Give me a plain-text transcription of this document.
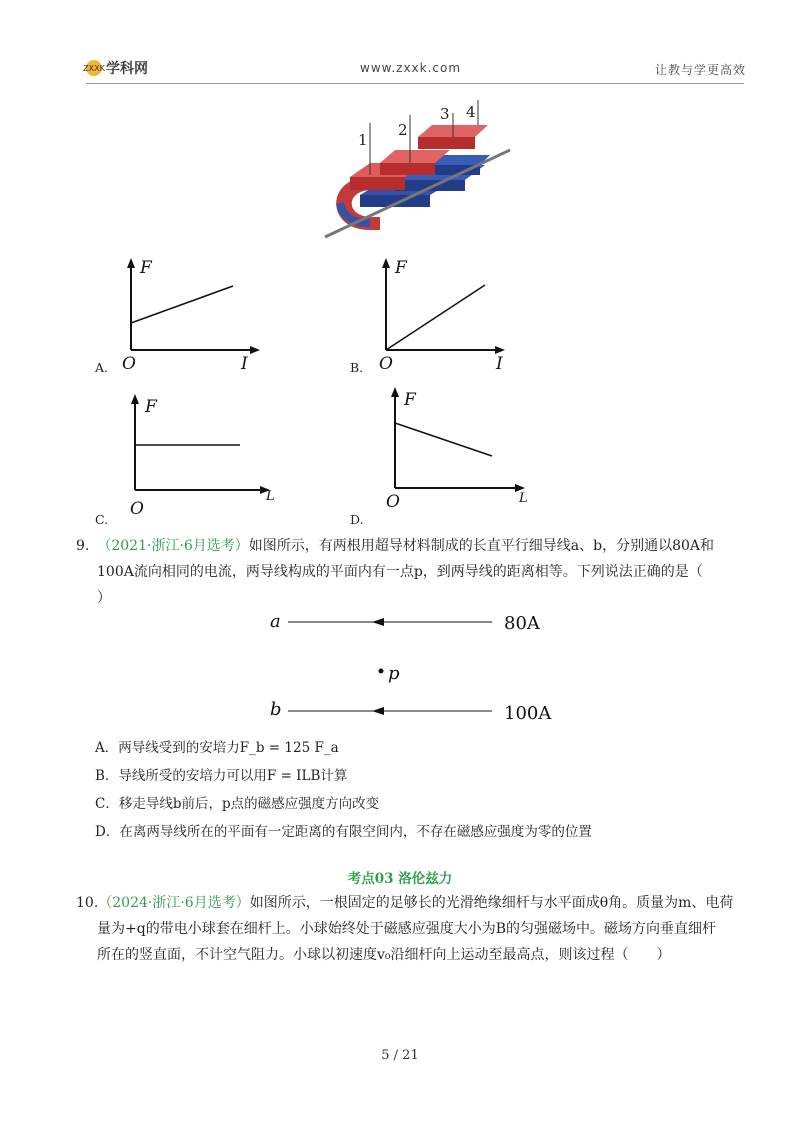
ZXXK 学科网	www.zxxk.com	让教与学更高效
1
2
3 4
A.
F
O	I	B.
F
O	I
C.
F
O
L
D.
F
O	L
9. （2021·浙江·6月选考）如图所示，有两根用超导材料制成的长直平行细导线a、b，分别通以80A和
100A流向相同的电流，两导线构成的平面内有一点p，到两导线的距离相等。下列说法正确的是（
）
a	80A
p
b	100A
A．两导线受到的安培力F_b = 125 F_a
B．导线所受的安培力可以用F = ILB计算
C．移走导线b前后，p点的磁感应强度方向改变
D．在离两导线所在的平面有一定距离的有限空间内，不存在磁感应强度为零的位置
考点03 洛伦兹力
10.（2024·浙江·6月选考）如图所示，一根固定的足够长的光滑绝缘细杆与水平面成θ角。质量为m、电荷
量为+q的带电小球套在细杆上。小球始终处于磁感应强度大小为B的匀强磁场中。磁场方向垂直细杆
所在的竖直面，不计空气阻力。小球以初速度v₀沿细杆向上运动至最高点，则该过程（　　）
5 / 21
